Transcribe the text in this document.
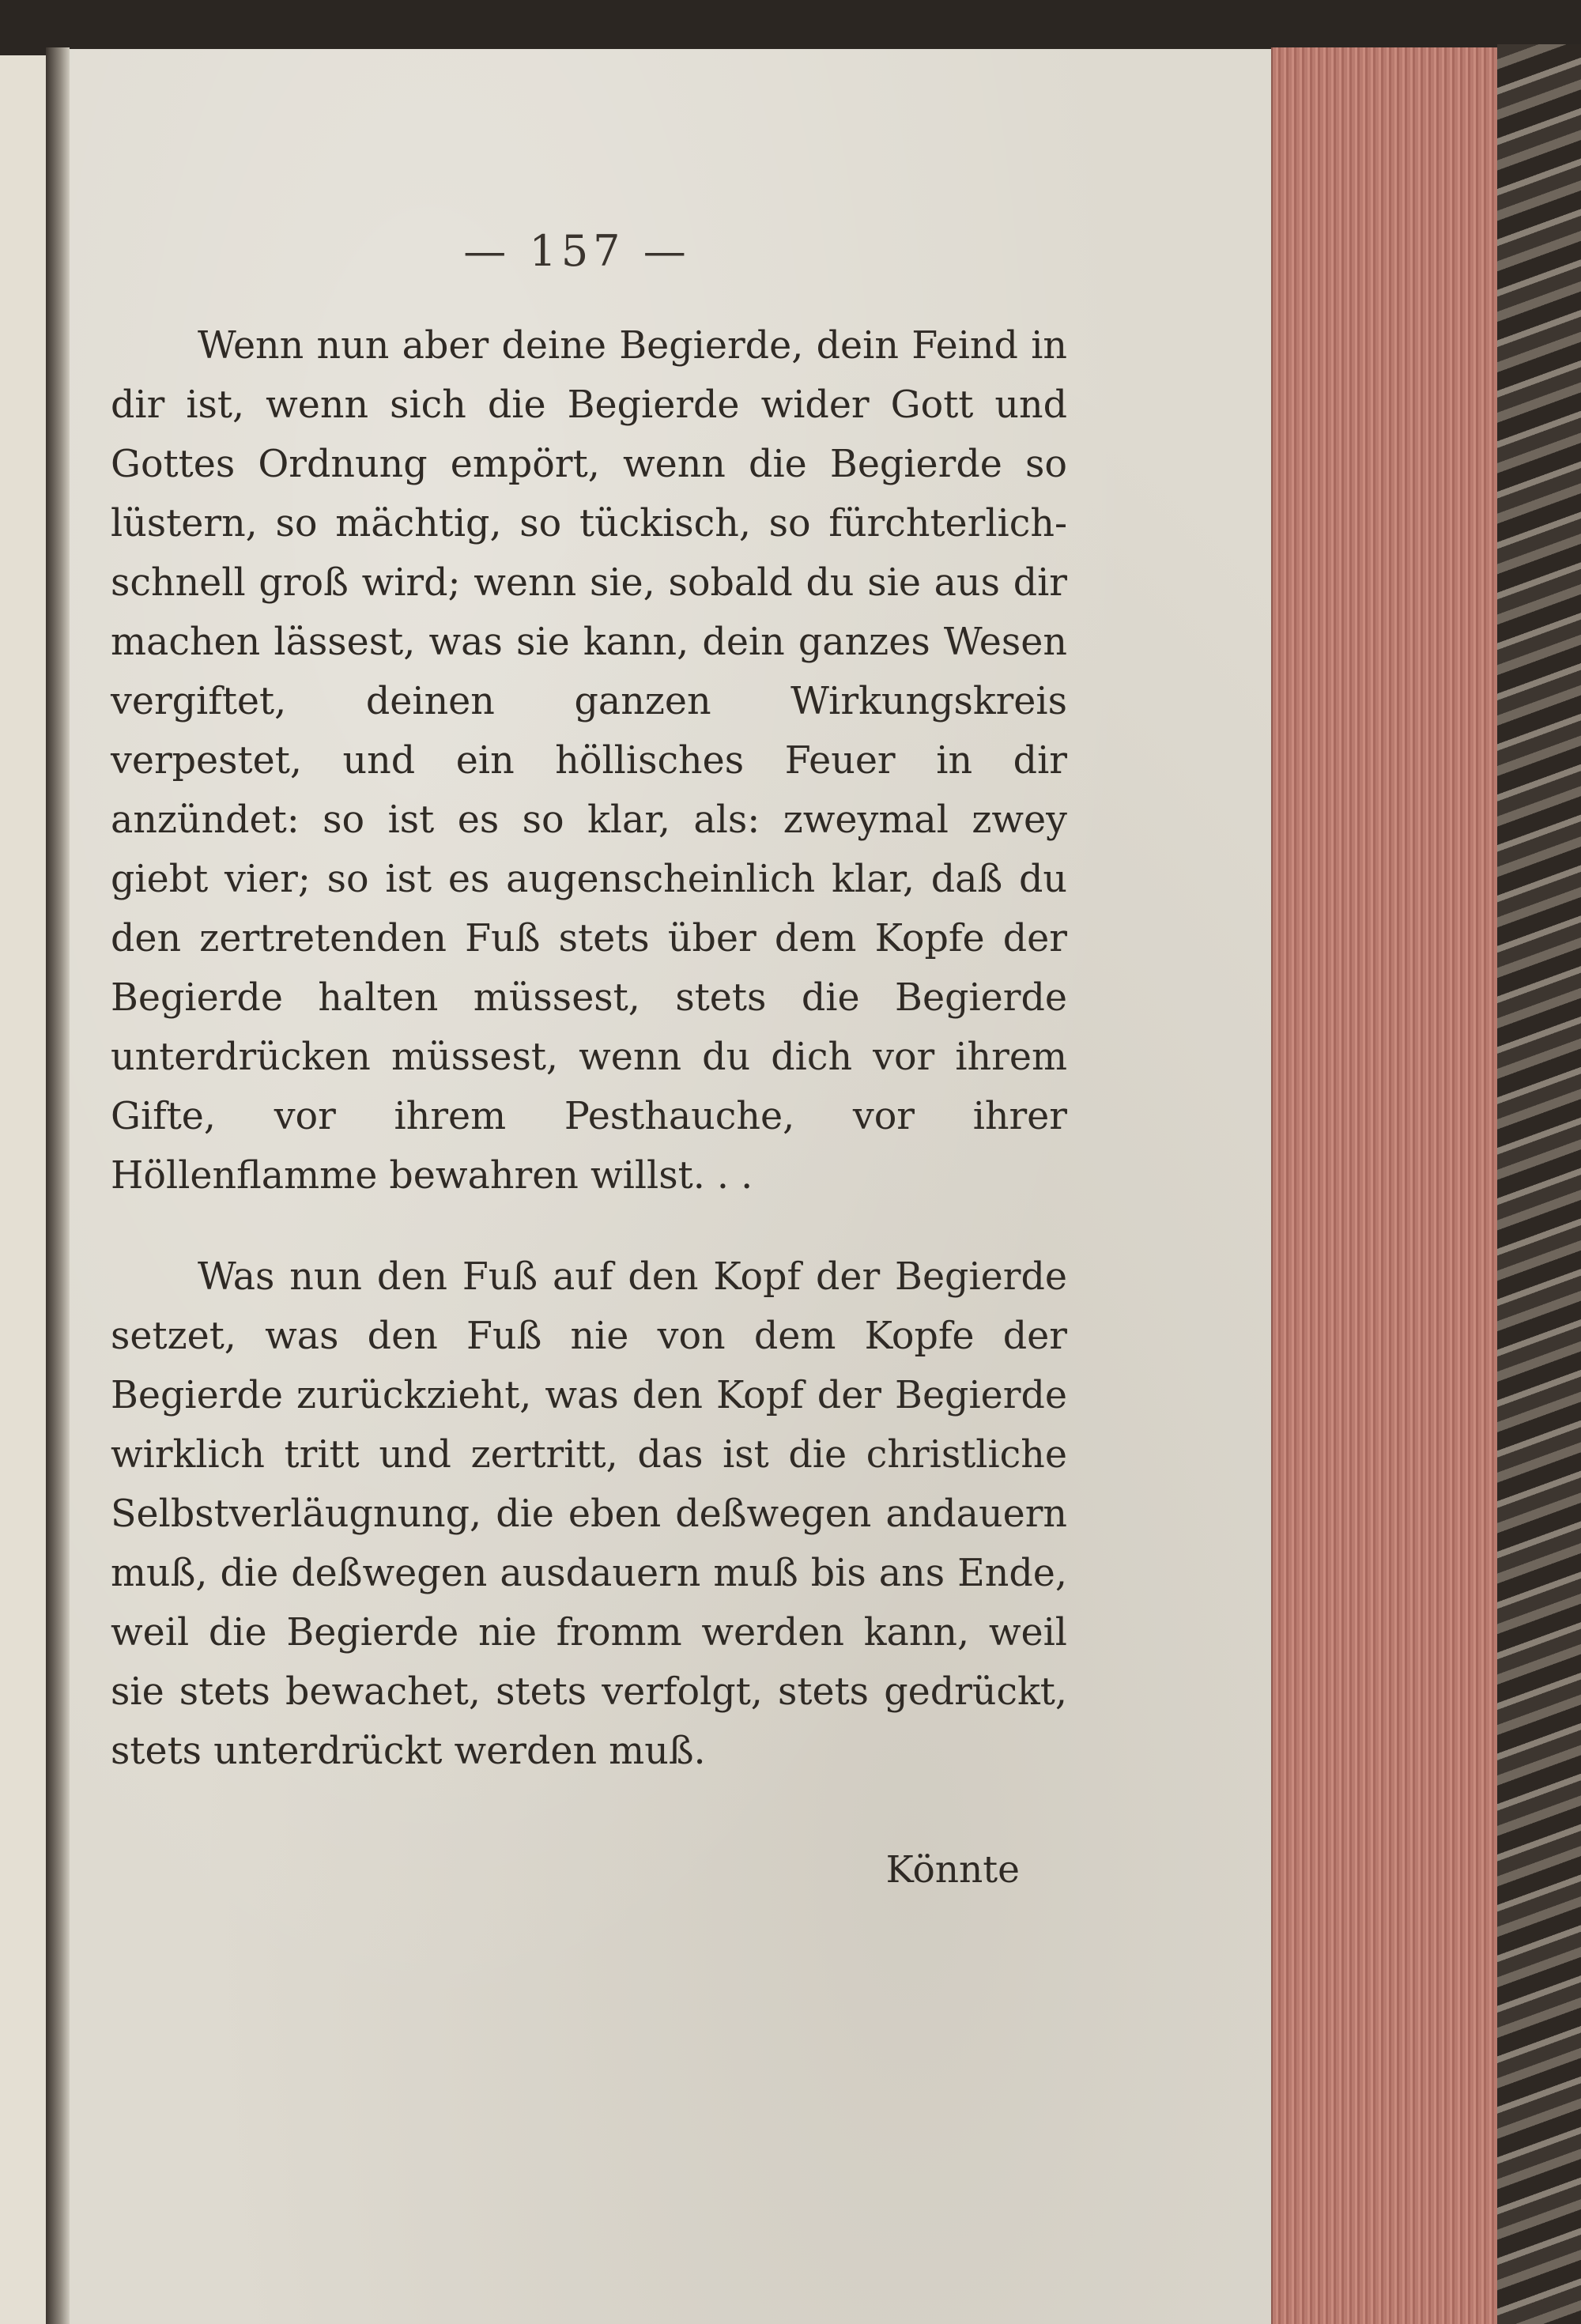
— 157 —

Wenn nun aber deine Begierde, dein Feind in dir ist, wenn sich die Begierde wider Gott und Gottes Ordnung empört, wenn die Begierde so lüstern, so mächtig, so tückisch, so fürchterlich-schnell groß wird; wenn sie, sobald du sie aus dir machen lässest, was sie kann, dein ganzes Wesen vergiftet, deinen ganzen Wirkungskreis verpestet, und ein höllisches Feuer in dir anzündet: so ist es so klar, als: zweymal zwey giebt vier; so ist es augenscheinlich klar, daß du den zertretenden Fuß stets über dem Kopfe der Begierde halten müssest, stets die Begierde unterdrücken müssest, wenn du dich vor ihrem Gifte, vor ihrem Pesthauche, vor ihrer Höllenflamme bewahren willst. . .

Was nun den Fuß auf den Kopf der Begierde setzet, was den Fuß nie von dem Kopfe der Begierde zurückzieht, was den Kopf der Begierde wirklich tritt und zertritt, das ist die christliche Selbstverläugnung, die eben deßwegen andauern muß, die deßwegen ausdauern muß bis ans Ende, weil die Begierde nie fromm werden kann, weil sie stets bewachet, stets verfolgt, stets gedrückt, stets unterdrückt werden muß.

Könnte
